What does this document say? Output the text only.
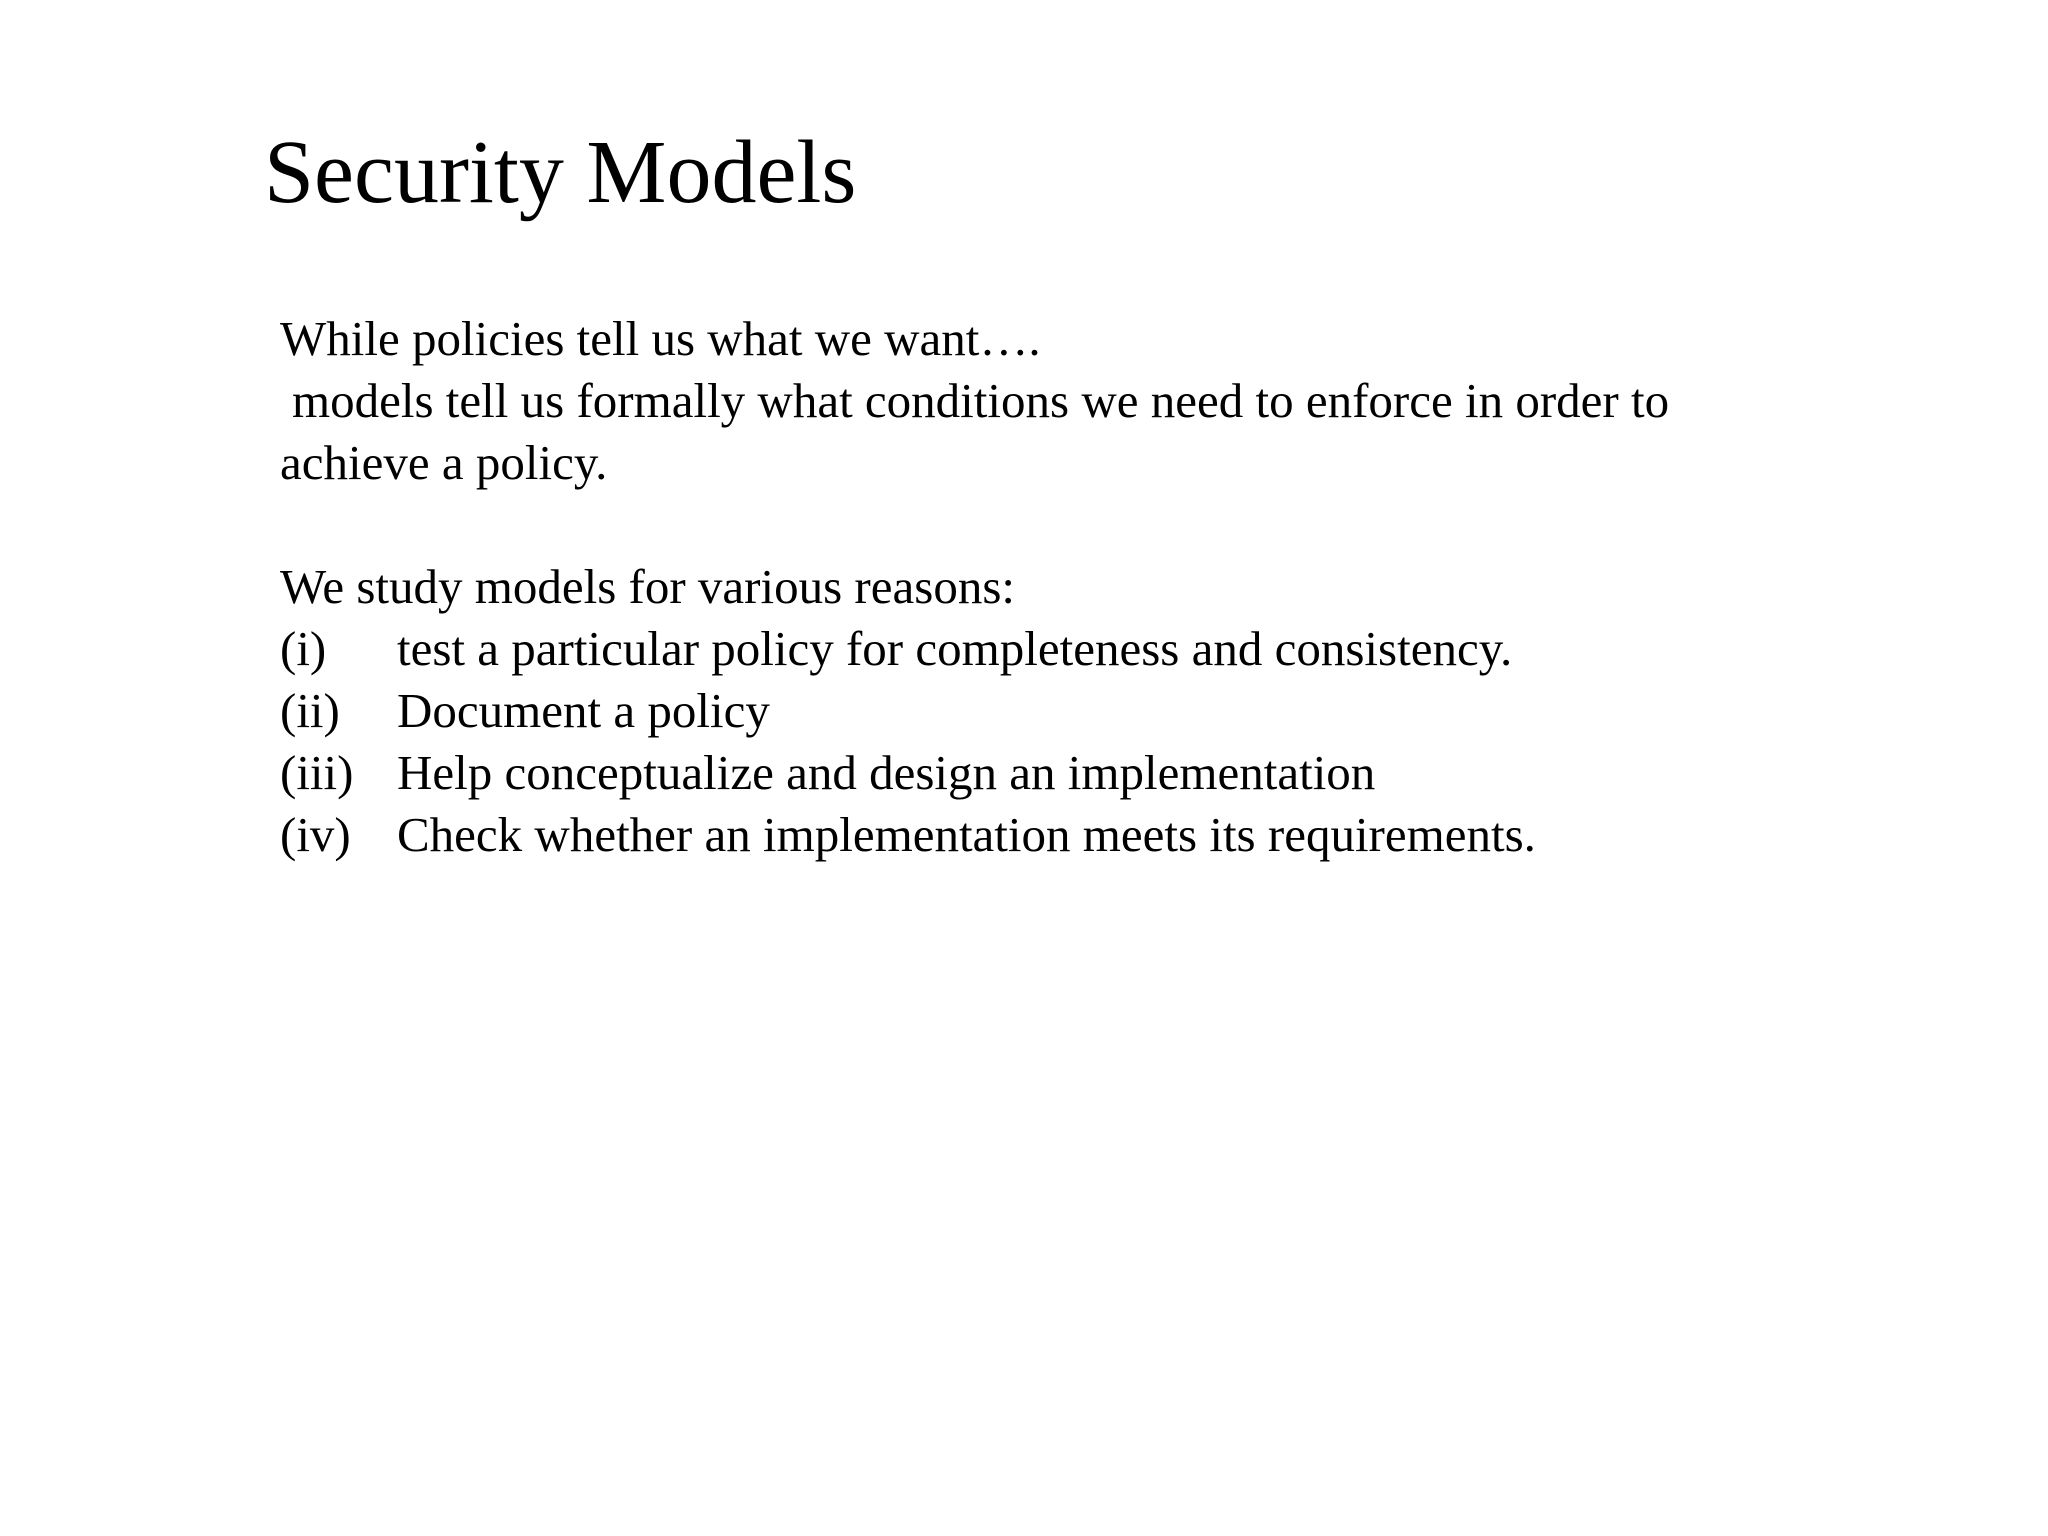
Security Models
While policies tell us what we want….
models tell us formally what conditions we need to enforce in order to
achieve a policy.
We study models for various reasons:
(i)	test a particular policy for completeness and consistency.
(ii)	Document a policy
(iii) Help conceptualize and design an implementation
(iv) Check whether an implementation meets its requirements.
